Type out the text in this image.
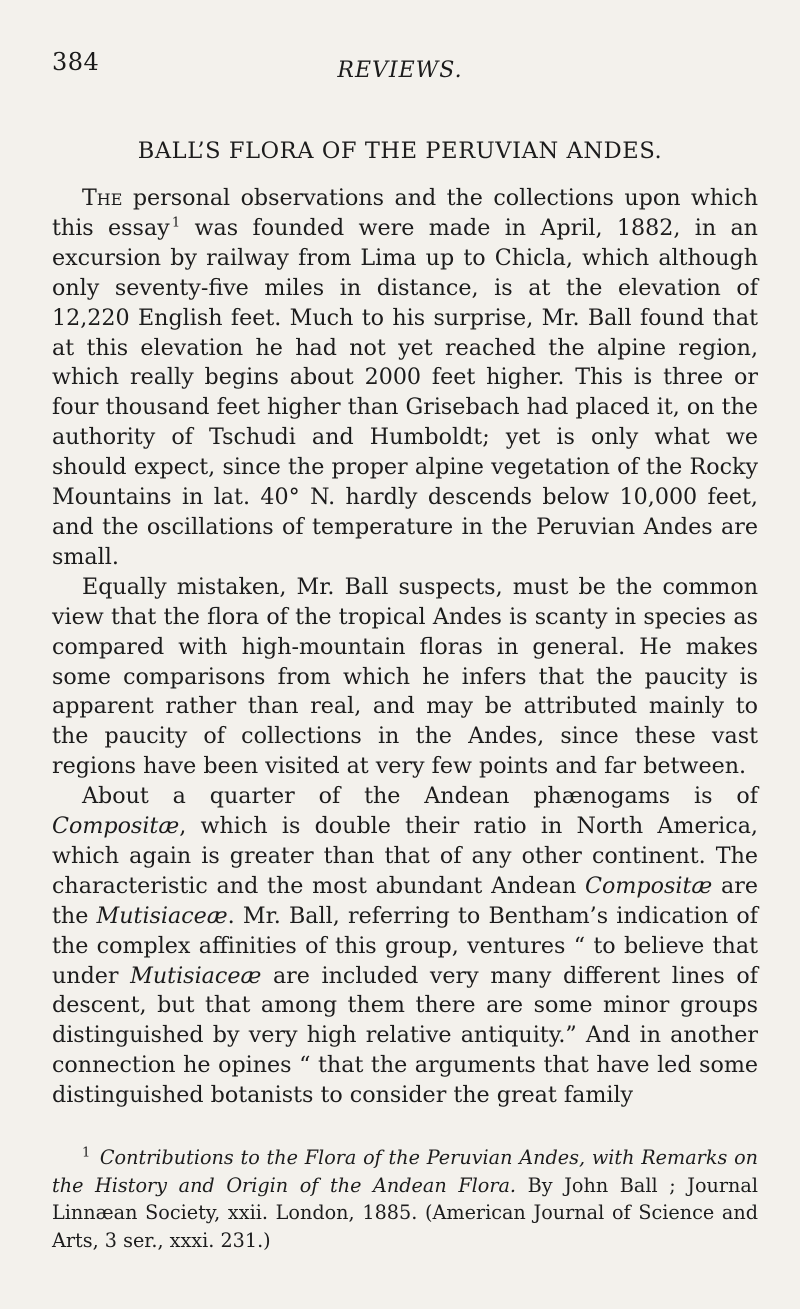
384	REVIEWS.
BALL’S FLORA OF THE PERUVIAN ANDES.

The personal observations and the collections upon which this essay  $^1$ was founded were made in April, 1882, in an excursion by railway from Lima up to Chicla, which although only seventy-five miles in distance, is at the elevation of 12,220 English feet. Much to his surprise, Mr. Ball found that at this elevation he had not yet reached the alpine region, which really begins about 2000 feet higher. This is three or four thousand feet higher than Grisebach had placed it, on the authority of Tschudi and Humboldt; yet is only what we should expect, since the proper alpine vegetation of the Rocky Mountains in lat. 40° N. hardly descends below 10,000 feet, and the oscillations of temperature in the Peruvian Andes are small.

Equally mistaken, Mr. Ball suspects, must be the common view that the flora of the tropical Andes is scanty in species as compared with high-mountain floras in general. He makes some comparisons from which he infers that the paucity is apparent rather than real, and may be attributed mainly to the paucity of collections in the Andes, since these vast regions have been visited at very few points and far between.

About a quarter of the Andean phænogams is of Compositæ, which is double their ratio in North America, which again is greater than that of any other continent. The characteristic and the most abundant Andean Compositæ are the Mutisiaceæ. Mr. Ball, referring to Bentham’s indication of the complex affinities of this group, ventures “ to believe that under Mutisiaceæ are included very many different lines of descent, but that among them there are some minor groups distinguished by very high relative antiquity.” And in another connection he opines “ that the arguments that have led some distinguished botanists to consider the great family

$^1$  Contributions to the Flora of the Peruvian Andes, with Remarks on the History and Origin of the Andean Flora. By John Ball ; Journal Linnæan Society, xxii. London, 1885. (American Journal of Science and Arts, 3 ser., xxxi. 231.)
